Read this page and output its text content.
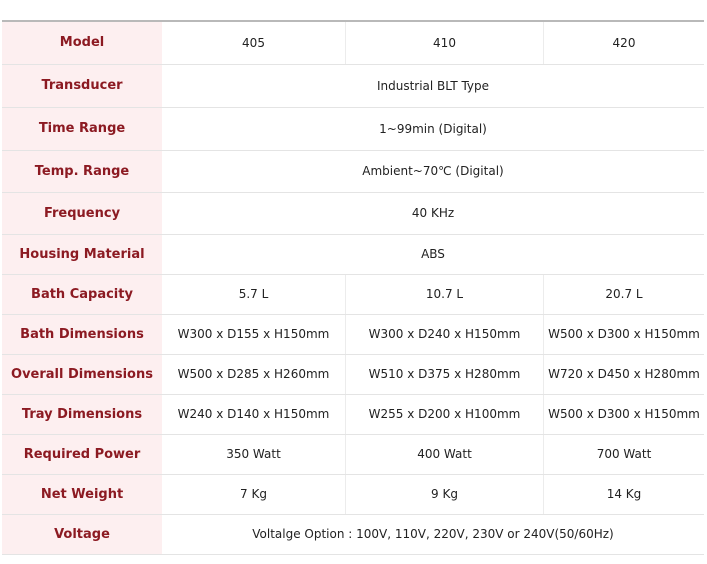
Model	405	410	420
Transducer	Industrial BLT Type		
Time Range	1~99min (Digital)		
Temp. Range	Ambient~70℃ (Digital)		
Frequency	40 KHz		
Housing Material	ABS		
Bath Capacity	5.7 L	10.7 L	20.7 L
Bath Dimensions	W300 x D155 x H150mm	W300 x D240 x H150mm	W500 x D300 x H150mm
Overall Dimensions	W500 x D285 x H260mm	W510 x D375 x H280mm	W720 x D450 x H280mm
Tray Dimensions	W240 x D140 x H150mm	W255 x D200 x H100mm	W500 x D300 x H150mm
Required Power	350 Watt	400 Watt	700 Watt
Net Weight	7 Kg	9 Kg	14 Kg
Voltage	Voltalge Option : 100V, 110V, 220V, 230V or 240V(50/60Hz)		
